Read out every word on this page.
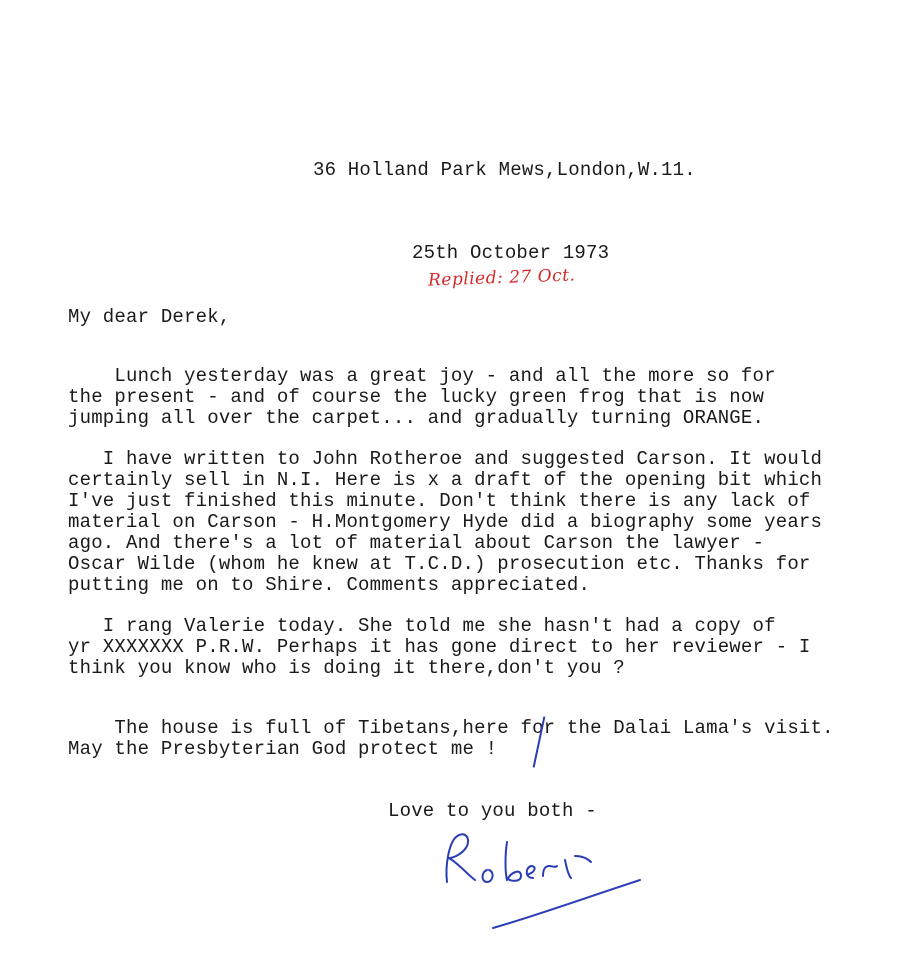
36 Holland Park Mews,London,W.11.
25th October 1973
Replied: 27 Oct.
My dear Derek,
Lunch yesterday was a great joy - and all the more so for
the present - and of course the lucky green frog that is now
jumping all over the carpet... and gradually turning ORANGE.
I have written to John Rotheroe and suggested Carson. It would
certainly sell in N.I. Here is x a draft of the opening bit which
I've just finished this minute. Don't think there is any lack of
material on Carson - H.Montgomery Hyde did a biography some years
ago. And there's a lot of material about Carson the lawyer -
Oscar Wilde (whom he knew at T.C.D.) prosecution etc. Thanks for
putting me on to Shire. Comments appreciated.
I rang Valerie today. She told me she hasn't had a copy of
yr XXXXXXX P.R.W. Perhaps it has gone direct to her reviewer - I
think you know who is doing it there,don't you ?
The house is full of Tibetans,here for the Dalai Lama's visit.
May the Presbyterian God protect me !
Love to you both -
